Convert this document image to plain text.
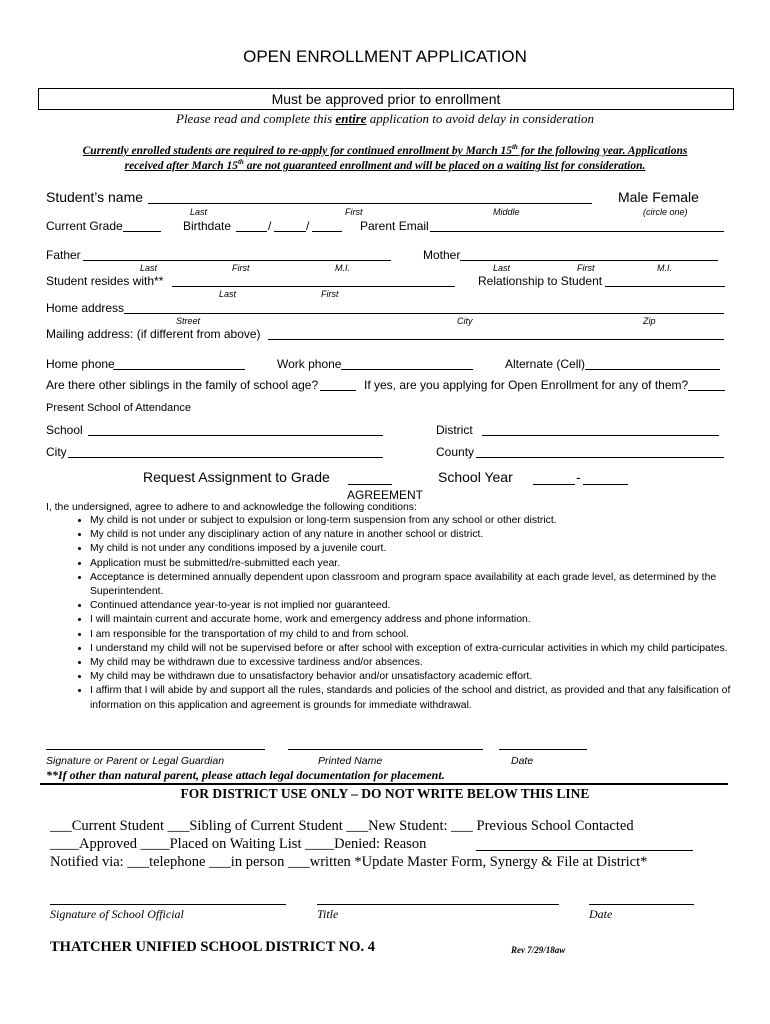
OPEN ENROLLMENT APPLICATION
Must be approved prior to enrollment
Please read and complete this entire application to avoid delay in consideration
Currently enrolled students are required to re-apply for continued enrollment by March 15th for the following year. Applications
received after March 15th are not guaranteed enrollment and will be placed on a waiting list for consideration.
Student’s name	Male Female
Last	First	Middle	(circle one)
Current Grade	Birthdate	/	/	Parent Email
Father	Mother
Last	First	M.I.	Last	First	M.I.
Student resides with**	Relationship to Student
Last	First
Home address
Street	City	Zip
Mailing address: (if different from above)
Home phone	Work phone	Alternate (Cell)
Are there other siblings in the family of school age?	If yes, are you applying for Open Enrollment for any of them?
Present School of Attendance
School	District
City	County
Request Assignment to Grade	School Year	-
AGREEMENT
I, the undersigned, agree to adhere to and acknowledge the following conditions:
• My child is not under or subject to expulsion or long-term suspension from any school or other district.
• My child is not under any disciplinary action of any nature in another school or district.
• My child is not under any conditions imposed by a juvenile court.
• Application must be submitted/re-submitted each year.
• Acceptance is determined annually dependent upon classroom and program space availability at each grade level, as determined by the Superintendent.
• Continued attendance year-to-year is not implied nor guaranteed.
• I will maintain current and accurate home, work and emergency address and phone information.
• I am responsible for the transportation of my child to and from school.
• I understand my child will not be supervised before or after school with exception of extra-curricular activities in which my child participates.
• My child may be withdrawn due to excessive tardiness and/or absences.
• My child may be withdrawn due to unsatisfactory behavior and/or unsatisfactory academic effort.
• I affirm that I will abide by and support all the rules, standards and policies of the school and district, as provided and that any falsification of information on this application and agreement is grounds for immediate withdrawal.
Signature or Parent or Legal Guardian	Printed Name	Date
**If other than natural parent, please attach legal documentation for placement.
FOR DISTRICT USE ONLY – DO NOT WRITE BELOW THIS LINE
___Current Student ___Sibling of Current Student ___New Student: ___ Previous School Contacted
____Approved ____Placed on Waiting List ____Denied: Reason
Notified via: ___telephone ___in person ___written *Update Master Form, Synergy & File at District*
Signature of School Official	Title	Date
THATCHER UNIFIED SCHOOL DISTRICT NO. 4	Rev 7/29/18aw
